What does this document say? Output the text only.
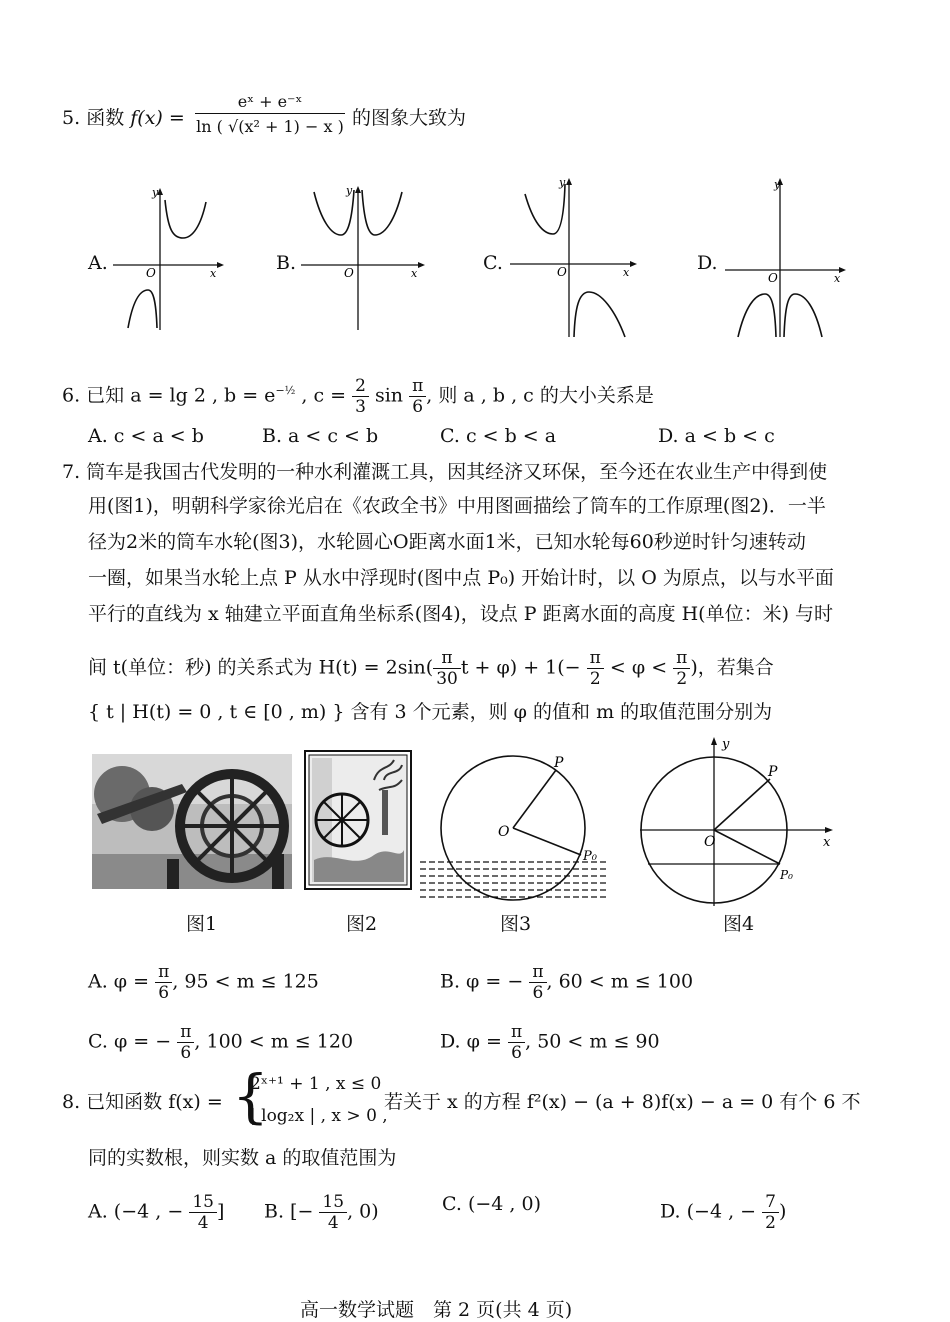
5. 函数 $f(x) = \frac{\text{eˣ + e⁻ˣ}}{\text{ln ( √(x² + 1) − x )}}$ 的图象大致为
A.
y
x
O	B.
y
x
O	C.
y
x
O	D.
y
x
O
6. 已知 a = lg 2 , $b = e^{-\frac{1}{2}}$ , $c = \frac{2}{3}$ $\sin \frac{\pi}{6}$ , 则 a , b , c 的大小关系是
A. c < a < b	B. a < c < b	C. c < b < a	D. a < b < c
7. 筒车是我国古代发明的一种水利灌溉工具，因其经济又环保，至今还在农业生产中得到使
用(图1)，明朝科学家徐光启在《农政全书》中用图画描绘了筒车的工作原理(图2)．一半
径为2米的筒车水轮(图3)，水轮圆心O距离水面1米，已知水轮每60秒逆时针匀速转动
一圈，如果当水轮上点 P 从水中浮现时(图中点 P₀) 开始计时，以 O 为原点，以与水平面
平行的直线为 x 轴建立平面直角坐标系(图4)，设点 P 距离水面的高度 H(单位：米) 与时
间 t(单位：秒) 的关系式为 $H(t) = 2\sin( \frac{\pi}{30}$ $t + \varphi) + 1(- \frac{\pi}{2} < \varphi < \frac{\pi}{2}$ )，若集合
{ t | H(t) = 0 , t ∈ [0 , m) } 含有 3 个元素，则 φ 的值和 m 的取值范围分别为
P
O
P₀
y
x
O
P
P₀
图1	图2	图3	图4
A. $\varphi = \frac{\pi}{6}$ , 95 < m ≤ 125	B. φ = − $\frac{\pi}{6}$ , 60 < m ≤ 100
C. φ = − $\frac{\pi}{6}$ , 100 < m ≤ 120	D. $\varphi = \frac{\pi}{6}$ , 50 < m ≤ 90
8. 已知函数 f(x) = {
2ˣ⁺¹ + 1 , x ≤ 0
| log₂x | , x > 0 ,
若关于 x 的方程 f²(x) − (a + 8)f(x) − a = 0 有个 6 不
同的实数根，则实数 a 的取值范围为
A. (−4 , − $\frac{15}{4}$ ] B. [− $\frac{15}{4}$ , 0)	C. (−4 , 0)	D. (−4 , − $\frac{7}{2}$ )
高一数学试题　第 2 页(共 4 页)
